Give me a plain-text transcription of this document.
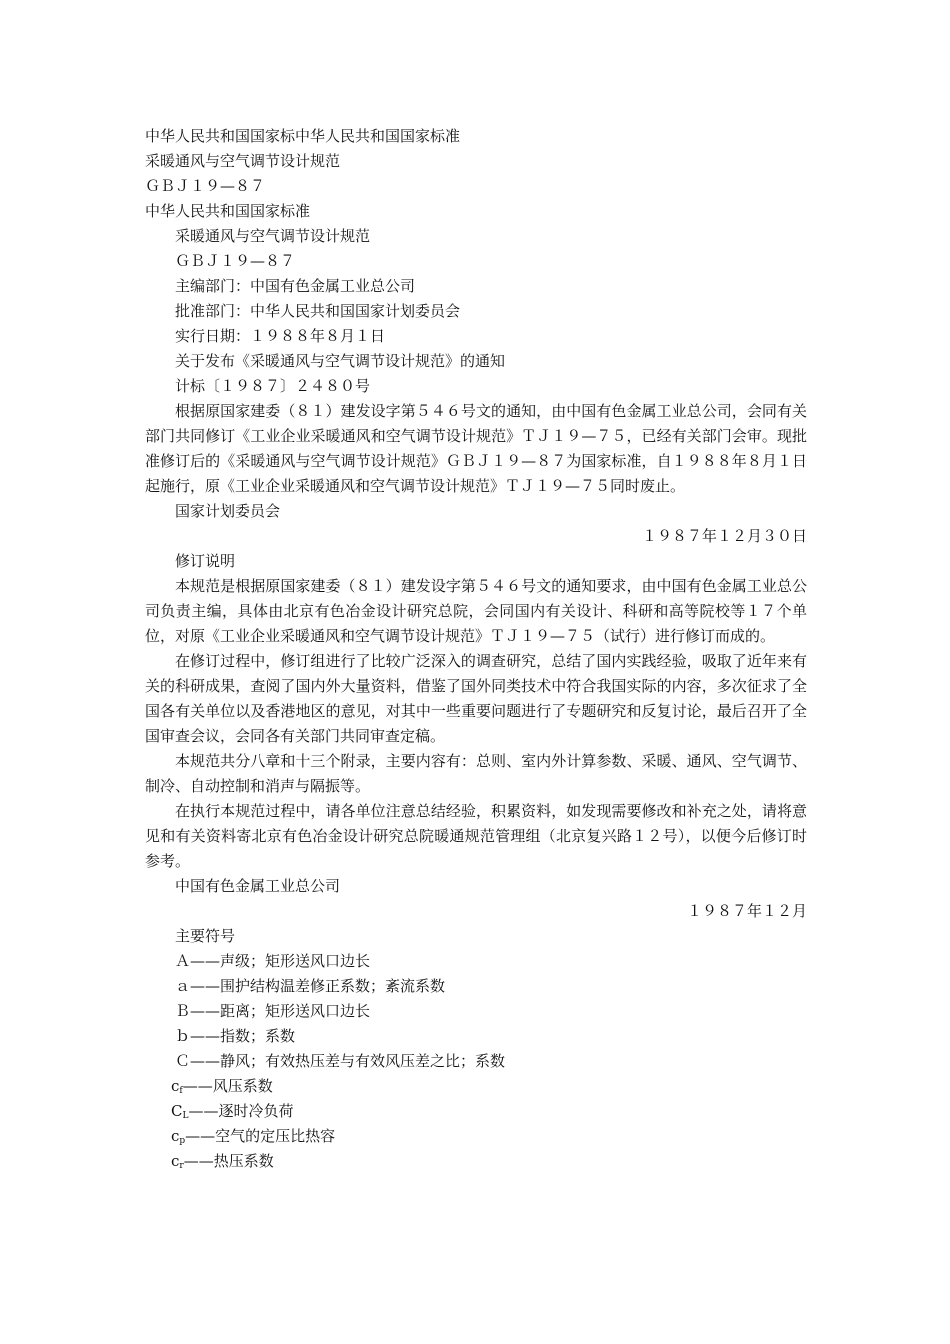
中华人民共和国国家标中华人民共和国国家标准
采暖通风与空气调节设计规范
ＧＢＪ１９—８７
中华人民共和国国家标准
采暖通风与空气调节设计规范
ＧＢＪ１９—８７
主编部门：中国有色金属工业总公司
批准部门：中华人民共和国国家计划委员会
实行日期：１９８８年８月１日
关于发布《采暖通风与空气调节设计规范》的通知
计标〔１９８７〕２４８０号

根据原国家建委（８１）建发设字第５４６号文的通知，由中国有色金属工业总公司，会同有关部门共同修订《工业企业采暖通风和空气调节设计规范》ＴＪ１９—７５，已经有关部门会审。现批准修订后的《采暖通风与空气调节设计规范》ＧＢＪ１９—８７为国家标准，自１９８８年８月１日起施行，原《工业企业采暖通风和空气调节设计规范》ＴＪ１９—７５同时废止。

国家计划委员会
１９８７年１２月３０日
修订说明

本规范是根据原国家建委（８１）建发设字第５４６号文的通知要求，由中国有色金属工业总公司负责主编，具体由北京有色冶金设计研究总院，会同国内有关设计、科研和高等院校等１７个单位，对原《工业企业采暖通风和空气调节设计规范》ＴＪ１９—７５（试行）进行修订而成的。

在修订过程中，修订组进行了比较广泛深入的调查研究，总结了国内实践经验，吸取了近年来有关的科研成果，查阅了国内外大量资料，借鉴了国外同类技术中符合我国实际的内容，多次征求了全国各有关单位以及香港地区的意见，对其中一些重要问题进行了专题研究和反复讨论，最后召开了全国审查会议，会同各有关部门共同审查定稿。

本规范共分八章和十三个附录，主要内容有：总则、室内外计算参数、采暖、通风、空气调节、制冷、自动控制和消声与隔振等。

在执行本规范过程中，请各单位注意总结经验，积累资料，如发现需要修改和补充之处，请将意见和有关资料寄北京有色冶金设计研究总院暖通规范管理组（北京复兴路１２号），以便今后修订时参考。

中国有色金属工业总公司
１９８７年１２月
主要符号
Ａ——声级；矩形送风口边长
ａ——围护结构温差修正系数；紊流系数
Ｂ——距离；矩形送风口边长
ｂ——指数；系数
Ｃ——静风；有效热压差与有效风压差之比；系数
$c_f——$风压系数
$C_L——$逐时冷负荷
$c_p——$空气的定压比热容
$c_r——$热压系数
